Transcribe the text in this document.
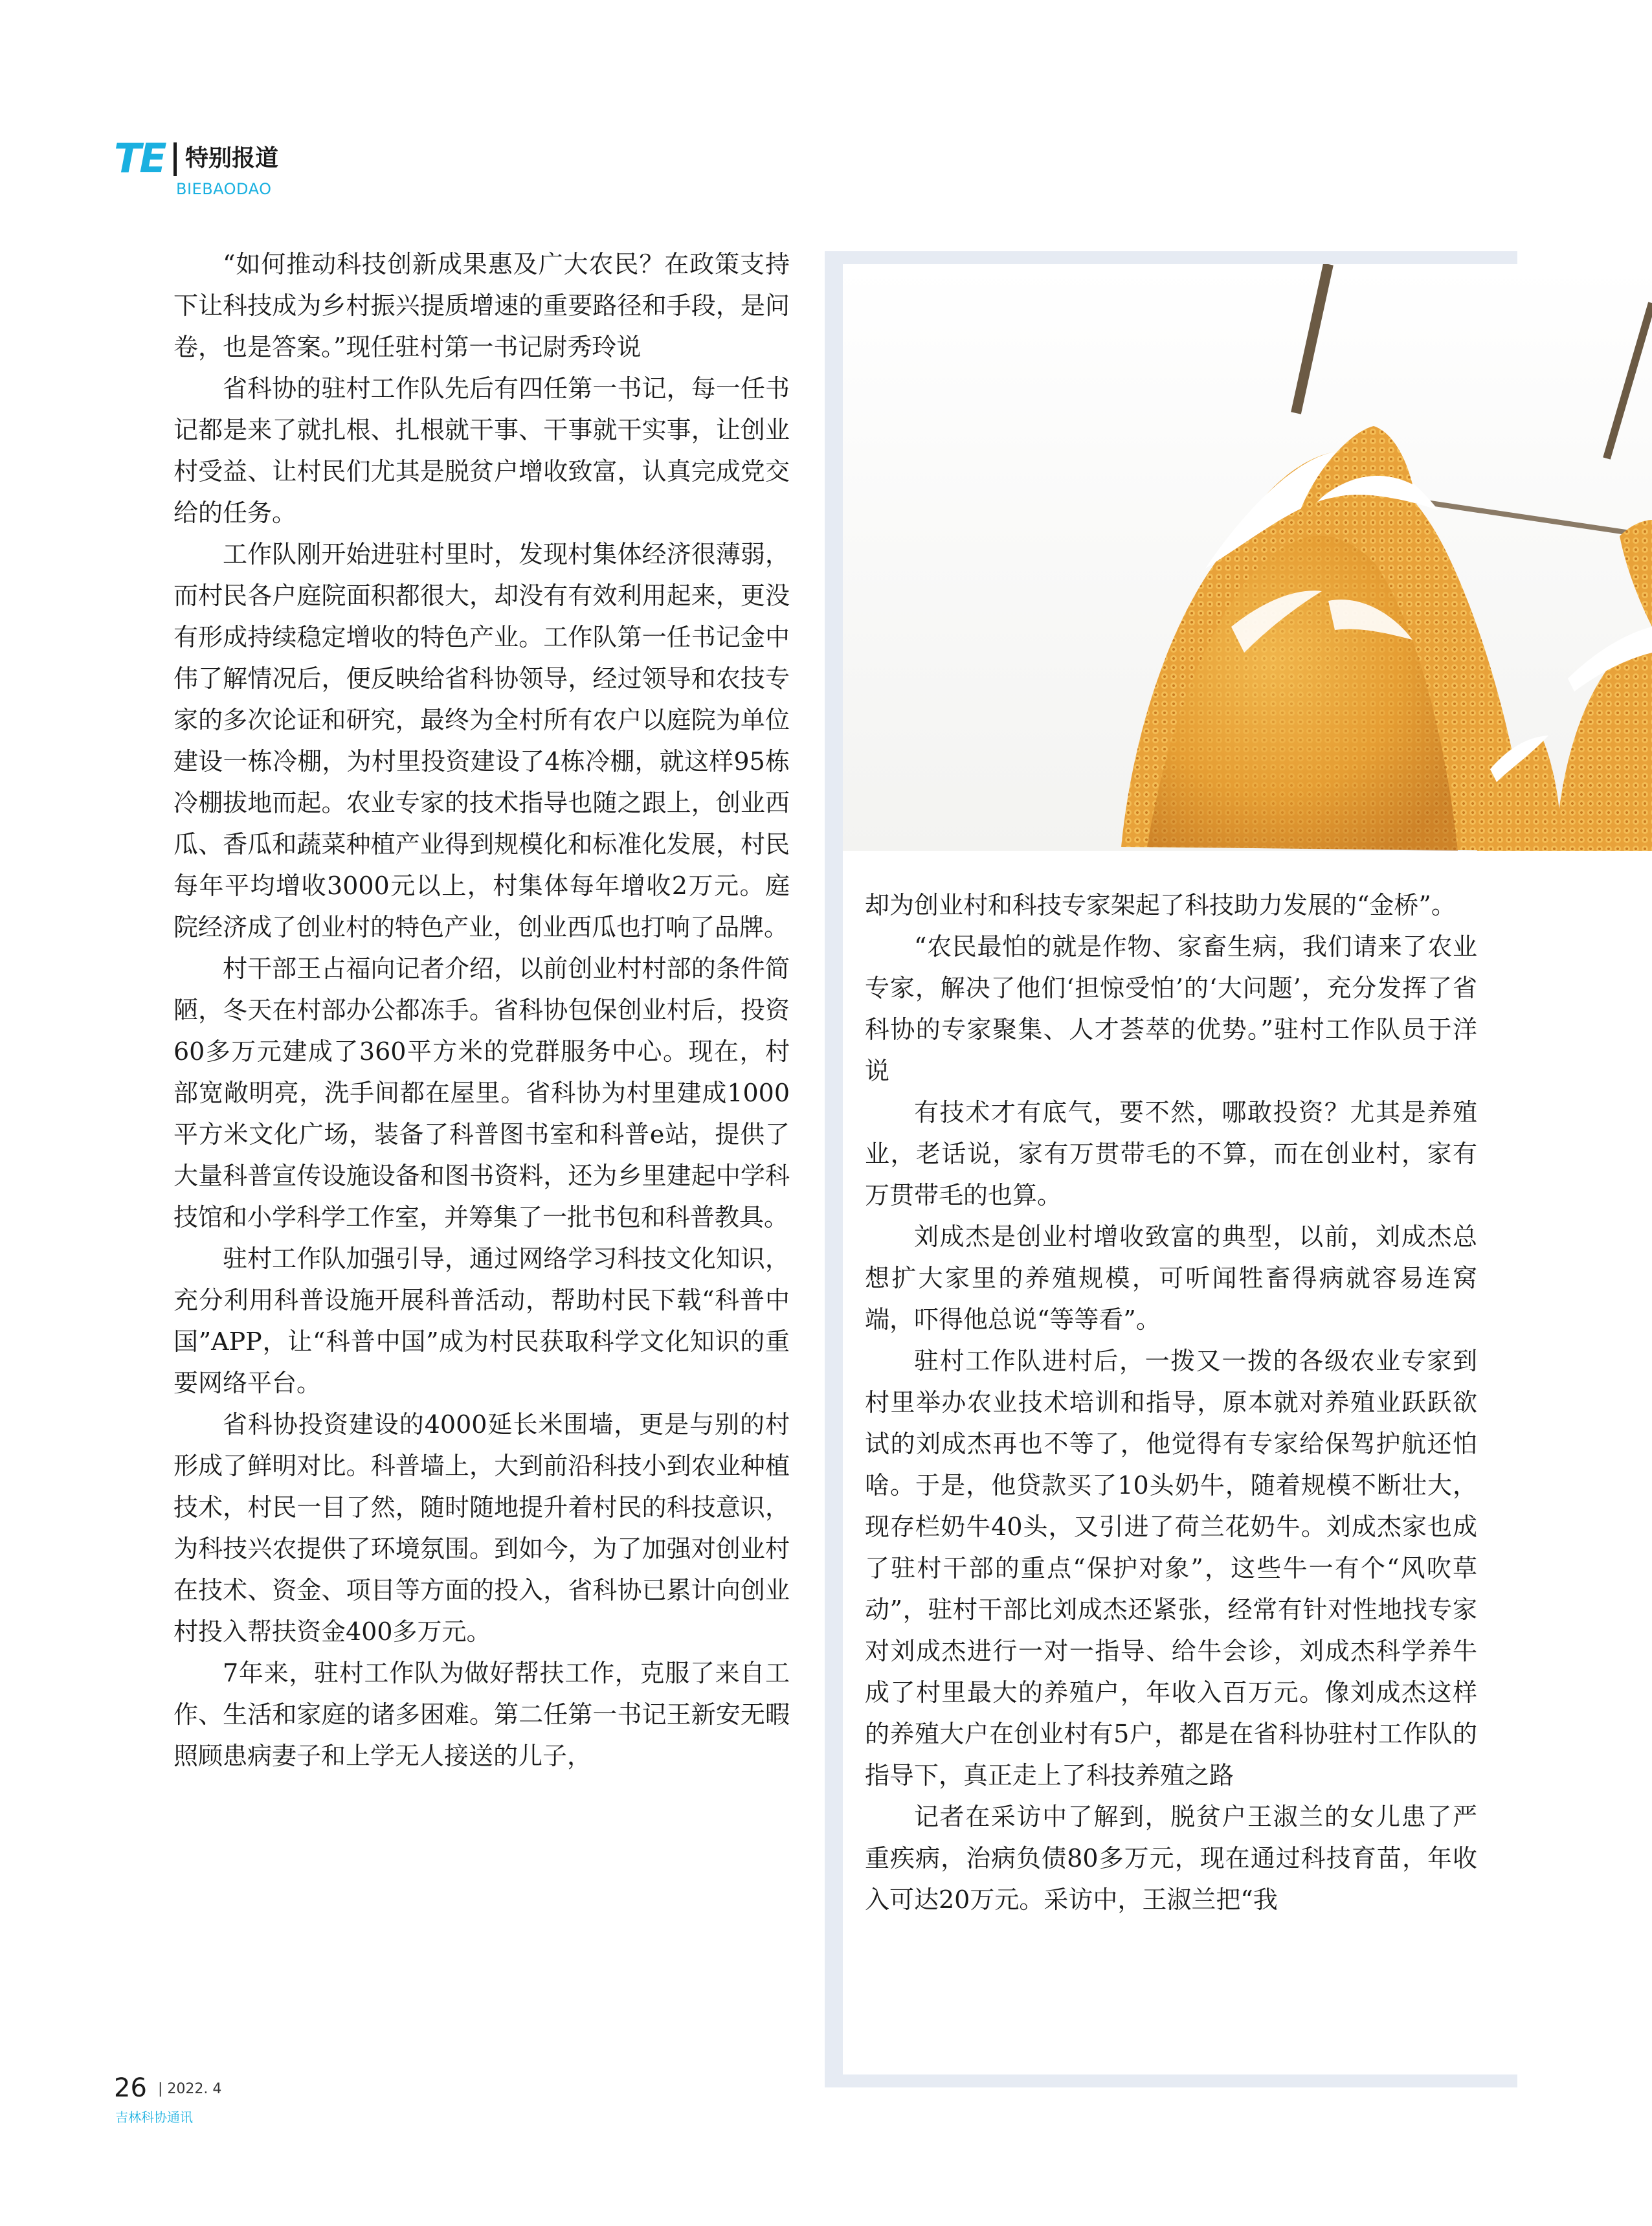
TE 特别报道
BIEBAODAO

“如何推动科技创新成果惠及广大农民？在政策支持下让科技成为乡村振兴提质增速的重要路径和手段，是问卷，也是答案。”现任驻村第一书记尉秀玲说

省科协的驻村工作队先后有四任第一书记，每一任书记都是来了就扎根、扎根就干事、干事就干实事，让创业村受益、让村民们尤其是脱贫户增收致富，认真完成党交给的任务。

工作队刚开始进驻村里时，发现村集体经济很薄弱，而村民各户庭院面积都很大，却没有有效利用起来，更没有形成持续稳定增收的特色产业。工作队第一任书记金中伟了解情况后，便反映给省科协领导，经过领导和农技专家的多次论证和研究，最终为全村所有农户以庭院为单位建设一栋冷棚，为村里投资建设了4栋冷棚，就这样95栋冷棚拔地而起。农业专家的技术指导也随之跟上，创业西瓜、香瓜和蔬菜种植产业得到规模化和标准化发展，村民每年平均增收3000元以上，村集体每年增收2万元。庭院经济成了创业村的特色产业，创业西瓜也打响了品牌。

村干部王占福向记者介绍，以前创业村村部的条件简陋，冬天在村部办公都冻手。省科协包保创业村后，投资60多万元建成了360平方米的党群服务中心。现在，村部宽敞明亮，洗手间都在屋里。省科协为村里建成1000平方米文化广场，装备了科普图书室和科普e站，提供了大量科普宣传设施设备和图书资料，还为乡里建起中学科技馆和小学科学工作室，并筹集了一批书包和科普教具。

驻村工作队加强引导，通过网络学习科技文化知识，充分利用科普设施开展科普活动，帮助村民下载“科普中国”APP，让“科普中国”成为村民获取科学文化知识的重要网络平台。

省科协投资建设的4000延长米围墙，更是与别的村形成了鲜明对比。科普墙上，大到前沿科技小到农业种植技术，村民一目了然，随时随地提升着村民的科技意识，为科技兴农提供了环境氛围。到如今，为了加强对创业村在技术、资金、项目等方面的投入，省科协已累计向创业村投入帮扶资金400多万元。

7年来，驻村工作队为做好帮扶工作，克服了来自工作、生活和家庭的诸多困难。第二任第一书记王新安无暇照顾患病妻子和上学无人接送的儿子，

却为创业村和科技专家架起了科技助力发展的“金桥”。

“农民最怕的就是作物、家畜生病，我们请来了农业专家，解决了他们‘担惊受怕’的‘大问题’，充分发挥了省科协的专家聚集、人才荟萃的优势。”驻村工作队员于洋说

有技术才有底气，要不然，哪敢投资？尤其是养殖业，老话说，家有万贯带毛的不算，而在创业村，家有万贯带毛的也算。

刘成杰是创业村增收致富的典型，以前，刘成杰总想扩大家里的养殖规模，可听闻牲畜得病就容易连窝端，吓得他总说“等等看”。

驻村工作队进村后，一拨又一拨的各级农业专家到村里举办农业技术培训和指导，原本就对养殖业跃跃欲试的刘成杰再也不等了，他觉得有专家给保驾护航还怕啥。于是，他贷款买了10头奶牛，随着规模不断壮大，现存栏奶牛40头，又引进了荷兰花奶牛。刘成杰家也成了驻村干部的重点“保护对象”，这些牛一有个“风吹草动”，驻村干部比刘成杰还紧张，经常有针对性地找专家对刘成杰进行一对一指导、给牛会诊，刘成杰科学养牛成了村里最大的养殖户，年收入百万元。像刘成杰这样的养殖大户在创业村有5户，都是在省科协驻村工作队的指导下，真正走上了科技养殖之路

记者在采访中了解到，脱贫户王淑兰的女儿患了严重疾病，治病负债80多万元，现在通过科技育苗，年收入可达20万元。采访中，王淑兰把“我

26 | 2022. 4
吉林科协通讯
